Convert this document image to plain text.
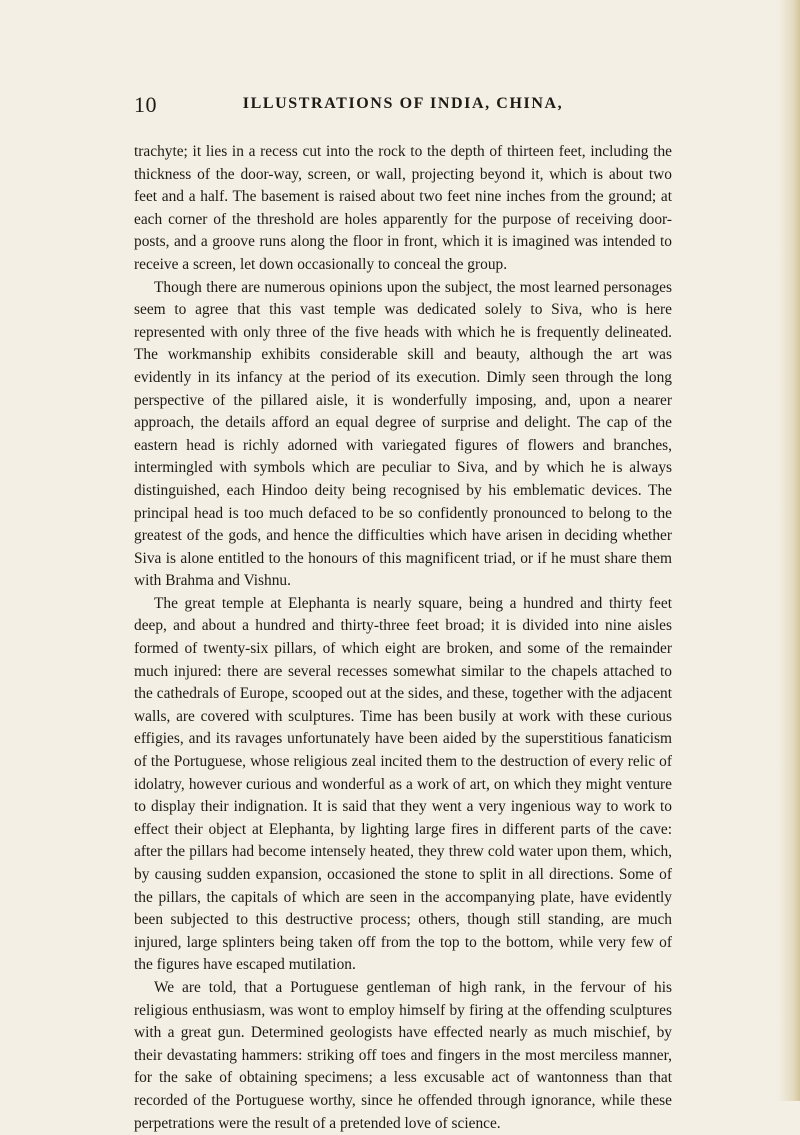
10	ILLUSTRATIONS OF INDIA, CHINA,

trachyte; it lies in a recess cut into the rock to the depth of thirteen feet, including the thickness of the door-way, screen, or wall, projecting beyond it, which is about two feet and a half. The basement is raised about two feet nine inches from the ground; at each corner of the threshold are holes apparently for the purpose of receiving door-posts, and a groove runs along the floor in front, which it is imagined was intended to receive a screen, let down occasionally to conceal the group.

Though there are numerous opinions upon the subject, the most learned personages seem to agree that this vast temple was dedicated solely to Siva, who is here represented with only three of the five heads with which he is frequently delineated. The workmanship exhibits considerable skill and beauty, although the art was evidently in its infancy at the period of its execution. Dimly seen through the long perspective of the pillared aisle, it is wonderfully imposing, and, upon a nearer approach, the details afford an equal degree of surprise and delight. The cap of the eastern head is richly adorned with variegated figures of flowers and branches, intermingled with symbols which are peculiar to Siva, and by which he is always distinguished, each Hindoo deity being recognised by his emblematic devices. The principal head is too much defaced to be so confidently pronounced to belong to the greatest of the gods, and hence the difficulties which have arisen in deciding whether Siva is alone entitled to the honours of this magnificent triad, or if he must share them with Brahma and Vishnu.

The great temple at Elephanta is nearly square, being a hundred and thirty feet deep, and about a hundred and thirty-three feet broad; it is divided into nine aisles formed of twenty-six pillars, of which eight are broken, and some of the remainder much injured: there are several recesses somewhat similar to the chapels attached to the cathedrals of Europe, scooped out at the sides, and these, together with the adjacent walls, are covered with sculptures. Time has been busily at work with these curious effigies, and its ravages unfortunately have been aided by the superstitious fanaticism of the Portuguese, whose religious zeal incited them to the destruction of every relic of idolatry, however curious and wonderful as a work of art, on which they might venture to display their indignation. It is said that they went a very ingenious way to work to effect their object at Elephanta, by lighting large fires in different parts of the cave: after the pillars had become intensely heated, they threw cold water upon them, which, by causing sudden expansion, occasioned the stone to split in all directions. Some of the pillars, the capitals of which are seen in the accompanying plate, have evidently been subjected to this destructive process; others, though still standing, are much injured, large splinters being taken off from the top to the bottom, while very few of the figures have escaped mutilation.

We are told, that a Portuguese gentleman of high rank, in the fervour of his religious enthusiasm, was wont to employ himself by firing at the offending sculptures with a great gun. Determined geologists have effected nearly as much mischief, by their devastating hammers: striking off toes and fingers in the most merciless manner, for the sake of obtaining specimens; a less excusable act of wantonness than that recorded of the Portuguese worthy, since he offended through ignorance, while these perpetrations were the result of a pretended love of science.
